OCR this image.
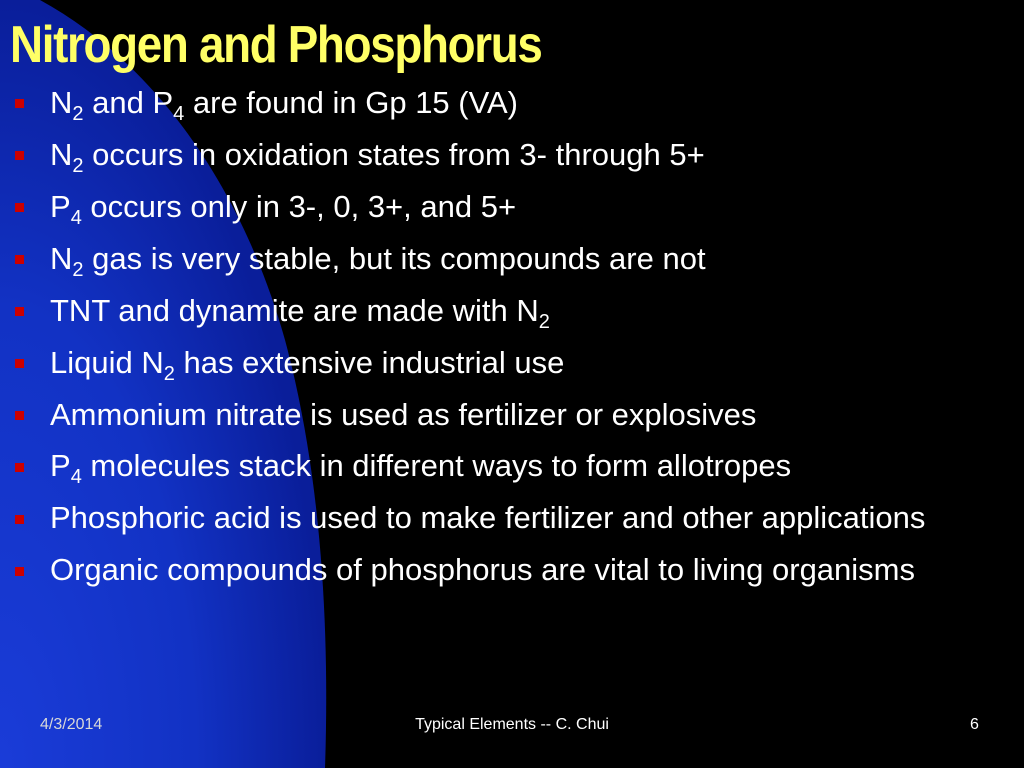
Nitrogen and Phosphorus
$N_2$ and $P_4$ are found in Gp 15 (VA)
$N_2$ occurs in oxidation states from 3- through 5+
$P_4$ occurs only in 3-, 0, 3+, and 5+
$N_2$ gas is very stable, but its compounds are not
TNT and dynamite are made with $N_2$
Liquid $N_2$ has extensive industrial use
Ammonium nitrate is used as fertilizer or explosives
$P_4$ molecules stack in different ways to form allotropes
Phosphoric acid is used to make fertilizer and other applications
Organic compounds of phosphorus are vital to living organisms
4/3/2014	Typical Elements -- C. Chui	6
